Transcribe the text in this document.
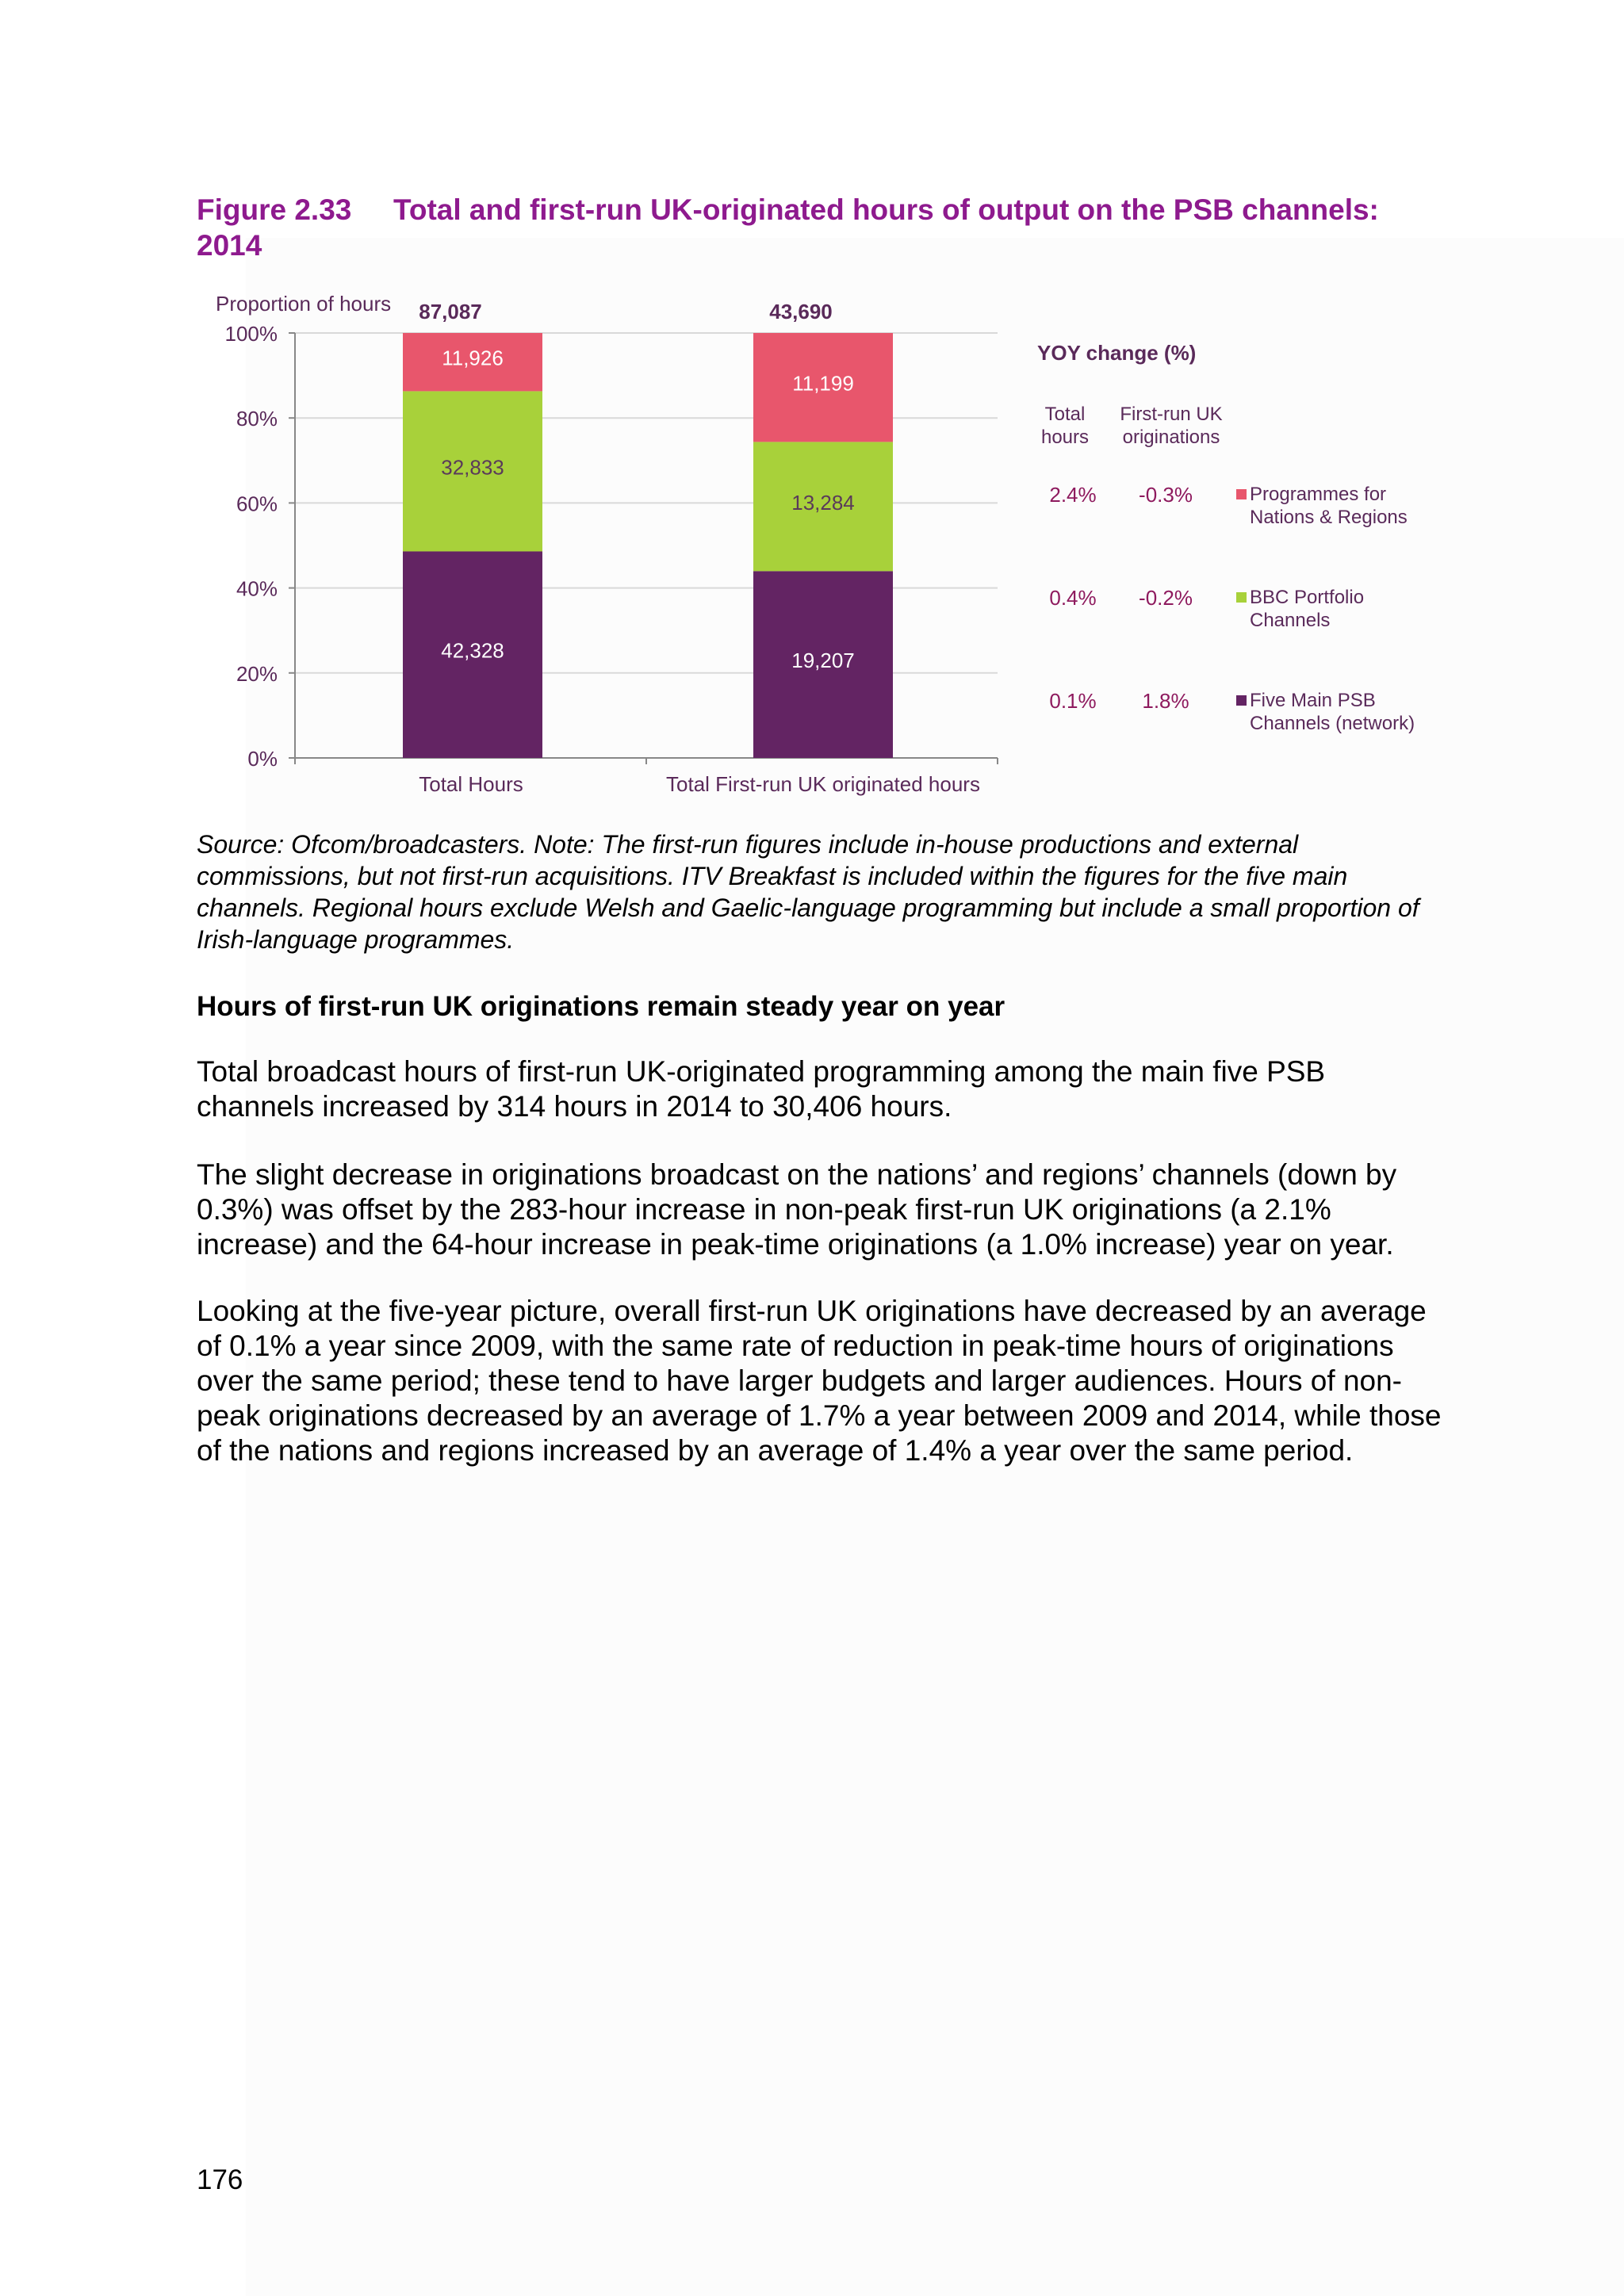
Figure 2.33 Total and first-run UK-originated hours of output on the PSB channels: 2014
0%
20%
40%
60%
80%
100%
Proportion of hours
42,328
32,833
11,926
87,087
Total Hours
19,207
13,284
11,199
43,690
Total First-run UK originated hours
YOY change (%)
Total
hours
First-run UK
originations
2.4% -0.3%	Programmes for
Nations & Regions
0.4% -0.2%	BBC Portfolio
Channels
0.1% 1.8%	Five Main PSB
Channels (network)
Source: Ofcom/broadcasters. Note: The first-run figures include in-house productions and external commissions, but not first-run acquisitions. ITV Breakfast is included within the figures for the five main channels. Regional hours exclude Welsh and Gaelic-language programming but include a small proportion of Irish-language programmes.
Hours of first-run UK originations remain steady year on year

Total broadcast hours of first-run UK-originated programming among the main five PSB channels increased by 314 hours in 2014 to 30,406 hours.

The slight decrease in originations broadcast on the nations’ and regions’ channels (down by 0.3%) was offset by the 283-hour increase in non-peak first-run UK originations (a 2.1% increase) and the 64-hour increase in peak-time originations (a 1.0% increase) year on year.

Looking at the five-year picture, overall first-run UK originations have decreased by an average of 0.1% a year since 2009, with the same rate of reduction in peak-time hours of originations over the same period; these tend to have larger budgets and larger audiences. Hours of non-peak originations decreased by an average of 1.7% a year between 2009 and 2014, while those of the nations and regions increased by an average of 1.4% a year over the same period.

176
